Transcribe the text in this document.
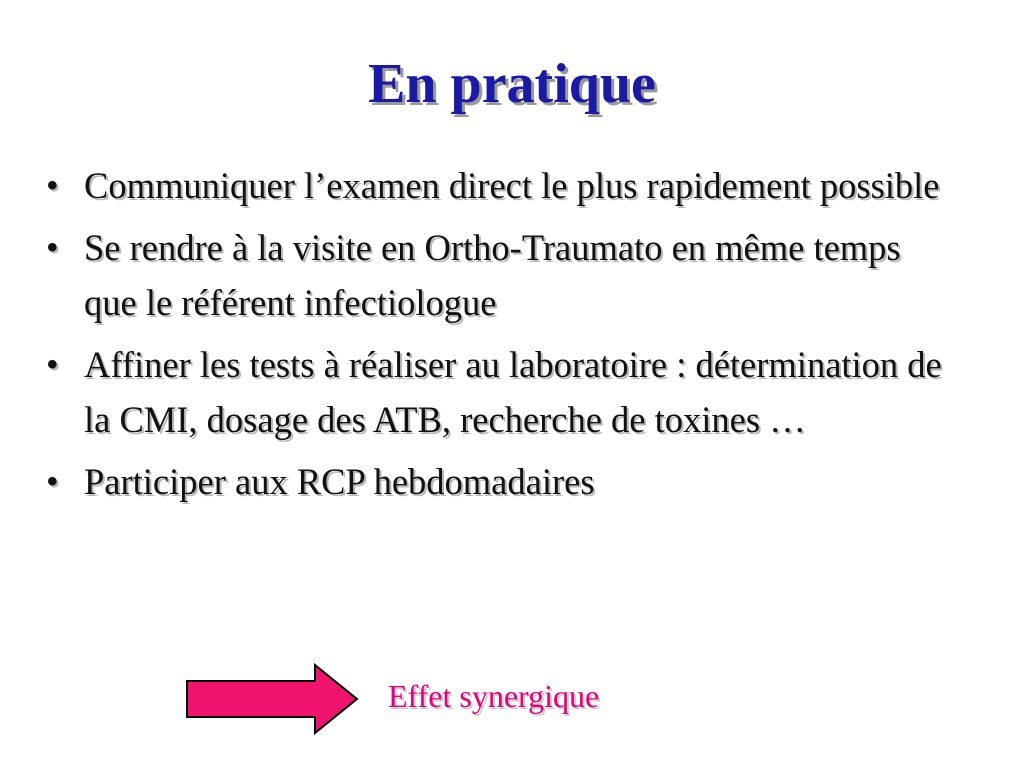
En pratique
• Communiquer l’examen direct le plus rapidement possible
• Se rendre à la visite en Ortho-Traumato en même temps que le référent infectiologue
• Affiner les tests à réaliser au laboratoire : détermination de la CMI, dosage des ATB, recherche de toxines …
• Participer aux RCP hebdomadaires
Effet synergique
